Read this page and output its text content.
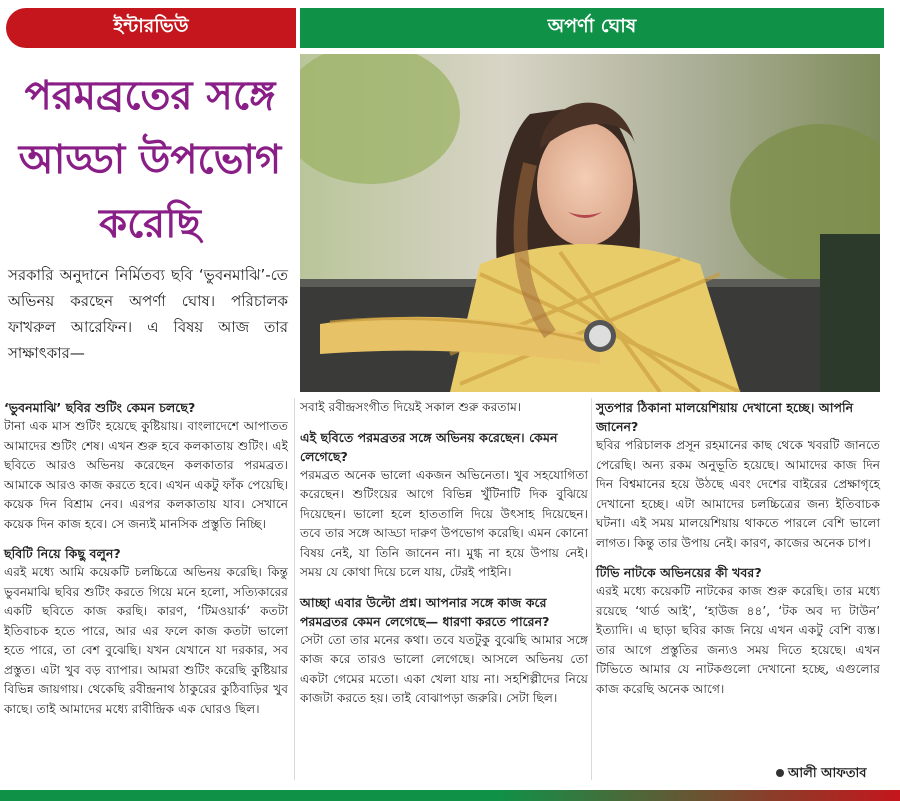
ইন্টারভিউ	অপর্ণা ঘোষ
পরমব্রতের সঙ্গে আড্ডা উপভোগ করেছি
সরকারি অনুদানে নির্মিতব্য ছবি ‘ভুবনমাঝি’-তে অভিনয় করছেন অপর্ণা ঘোষ। পরিচালক ফাখরুল আরেফিন। এ বিষয় আজ তার সাক্ষাৎকার—
‘ভুবনমাঝি’ ছবির শুটিং কেমন চলছে?

টানা এক মাস শুটিং হয়েছে কুষ্টিয়ায়। বাংলাদেশে আপাতত আমাদের শুটিং শেষ। এখন শুরু হবে কলকাতায় শুটিং। এই ছবিতে আরও অভিনয় করেছেন কলকাতার পরমব্রত। আমাকে আরও কাজ করতে হবে। এখন একটু ফাঁক পেয়েছি। কয়েক দিন বিশ্রাম নেব। এরপর কলকাতায় যাব। সেখানে কয়েক দিন কাজ হবে। সে জন্যই মানসিক প্রস্তুতি নিচ্ছি।

ছবিটি নিয়ে কিছু বলুন?

এরই মধ্যে আমি কয়েকটি চলচ্চিত্রে অভিনয় করেছি। কিন্তু ভুবনমাঝি ছবির শুটিং করতে গিয়ে মনে হলো, সত্যিকারের একটি ছবিতে কাজ করছি। কারণ, ‘টিমওয়ার্ক’ কতটা ইতিবাচক হতে পারে, আর এর ফলে কাজ কতটা ভালো হতে পারে, তা বেশ বুঝেছি। যখন যেখানে যা দরকার, সব প্রস্তুত। এটা খুব বড় ব্যাপার। আমরা শুটিং করেছি কুষ্টিয়ার বিভিন্ন জায়গায়। থেকেছি রবীন্দ্রনাথ ঠাকুরের কুঠিবাড়ির খুব কাছে। তাই আমাদের মধ্যে রাবীন্দ্রিক এক ঘোরও ছিল।

সবাই রবীন্দ্রসংগীত দিয়েই সকাল শুরু করতাম।

এই ছবিতে পরমব্রতর সঙ্গে অভিনয় করেছেন। কেমন লেগেছে?

পরমব্রত অনেক ভালো একজন অভিনেতা। খুব সহযোগিতা করেছেন। শুটিংয়ের আগে বিভিন্ন খুঁটিনাটি দিক বুঝিয়ে দিয়েছেন। ভালো হলে হাততালি দিয়ে উৎসাহ দিয়েছেন। তবে তার সঙ্গে আড্ডা দারুণ উপভোগ করেছি। এমন কোনো বিষয় নেই, যা তিনি জানেন না। মুগ্ধ না হয়ে উপায় নেই। সময় যে কোথা দিয়ে চলে যায়, টেরই পাইনি।

আচ্ছা এবার উল্টো প্রশ্ন। আপনার সঙ্গে কাজ করে পরমব্রতর কেমন লেগেছে— ধারণা করতে পারেন?

সেটা তো তার মনের কথা। তবে যতটুকু বুঝেছি আমার সঙ্গে কাজ করে তারও ভালো লেগেছে। আসলে অভিনয় তো একটা গেমের মতো। একা খেলা যায় না। সহশিল্পীদের নিয়ে কাজটা করতে হয়। তাই বোঝাপড়া জরুরি। সেটা ছিল।

সুতপার ঠিকানা মালয়েশিয়ায় দেখানো হচ্ছে। আপনি জানেন?

ছবির পরিচালক প্রসূন রহমানের কাছ থেকে খবরটি জানতে পেরেছি। অন্য রকম অনুভূতি হয়েছে। আমাদের কাজ দিন দিন বিশ্বমানের হয়ে উঠছে এবং দেশের বাইরের প্রেক্ষাগৃহে দেখানো হচ্ছে। এটা আমাদের চলচ্চিত্রের জন্য ইতিবাচক ঘটনা। এই সময় মালয়েশিয়ায় থাকতে পারলে বেশি ভালো লাগত। কিন্তু তার উপায় নেই। কারণ, কাজের অনেক চাপ।

টিভি নাটকে অভিনয়ের কী খবর?

এরই মধ্যে কয়েকটি নাটকের কাজ শুরু করেছি। তার মধ্যে রয়েছে ‘থার্ড আই’, ‘হাউজ ৪৪’, ‘টক অব দ্য টাউন’ ইত্যাদি। এ ছাড়া ছবির কাজ নিয়ে এখন একটু বেশি ব্যস্ত। তার আগে প্রস্তুতির জন্যও সময় দিতে হয়েছে। এখন টিভিতে আমার যে নাটকগুলো দেখানো হচ্ছে, এগুলোর কাজ করেছি অনেক আগে।

আলী আফতাব
